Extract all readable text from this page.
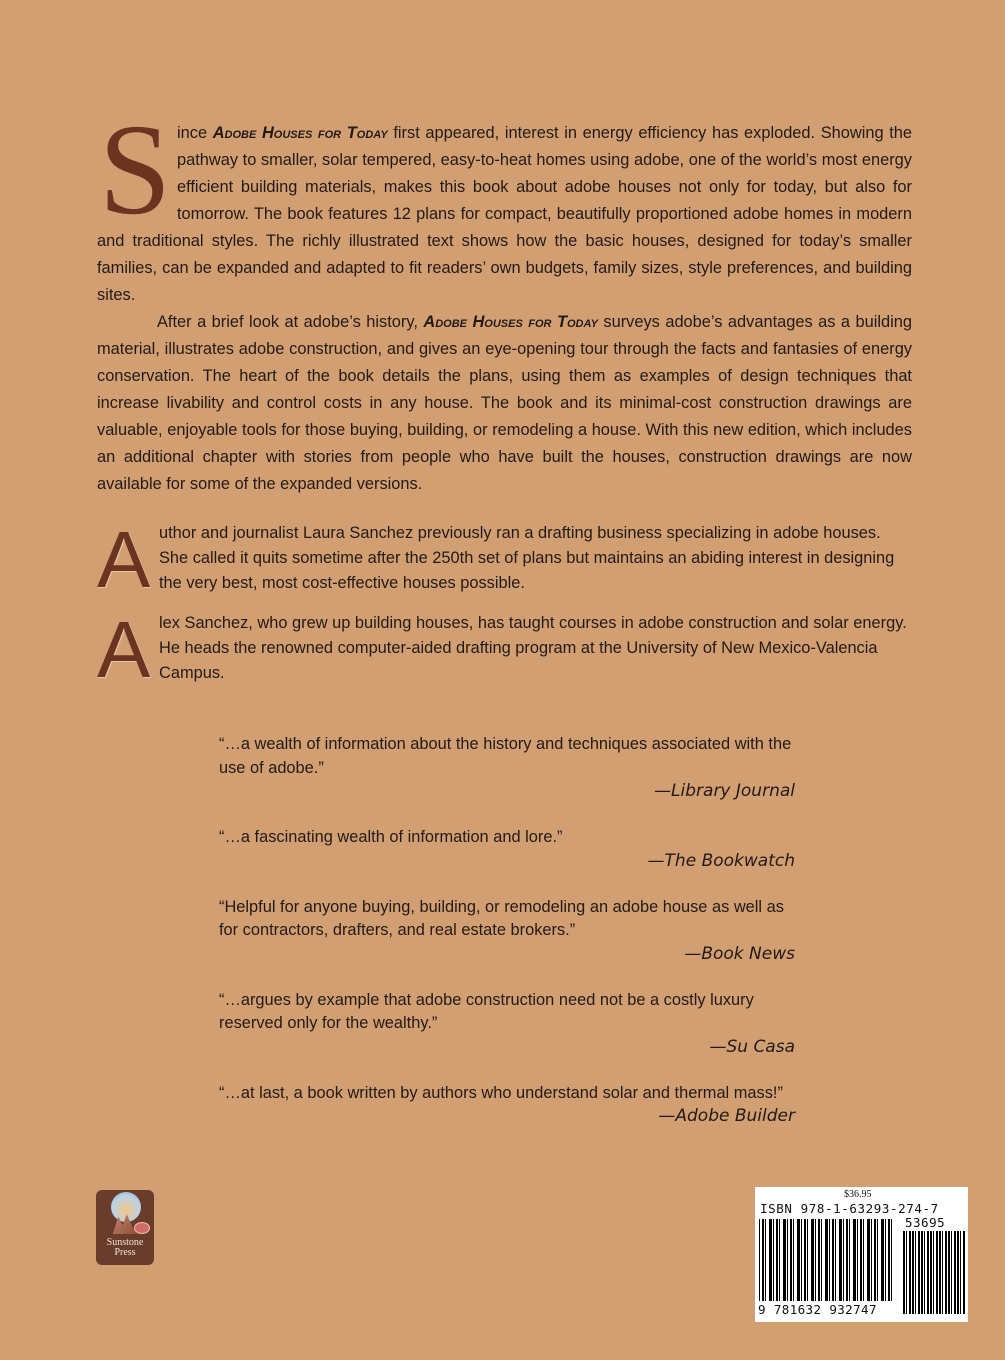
Since Adobe Houses for Today first appeared, interest in energy efficiency has exploded. Showing the pathway to smaller, solar tempered, easy-to-heat homes using adobe, one of the world’s most energy efficient building materials, makes this book about adobe houses not only for today, but also for tomorrow. The book features 12 plans for compact, beautifully proportioned adobe homes in modern and traditional styles. The richly illustrated text shows how the basic houses, designed for today’s smaller families, can be expanded and adapted to fit readers’ own budgets, family sizes, style preferences, and building sites.

After a brief look at adobe’s history, Adobe Houses for Today surveys adobe’s advantages as a building material, illustrates adobe construction, and gives an eye-opening tour through the facts and fantasies of energy conservation. The heart of the book details the plans, using them as examples of design techniques that increase livability and control costs in any house. The book and its minimal-cost construction drawings are valuable, enjoyable tools for those buying, building, or remodeling a house. With this new edition, which includes an additional chapter with stories from people who have built the houses, construction drawings are now available for some of the expanded versions.

Author and journalist Laura Sanchez previously ran a drafting business specializing in adobe houses. She called it quits sometime after the 250th set of plans but maintains an abiding interest in designing the very best, most cost-effective houses possible.

Alex Sanchez, who grew up building houses, has taught courses in adobe construction and solar energy. He heads the renowned computer-aided drafting program at the University of New Mexico-Valencia Campus.

“…a wealth of information about the history and techniques associated with the use of adobe.”

—Library Journal

“…a fascinating wealth of information and lore.”

—The Bookwatch

“Helpful for anyone buying, building, or remodeling an adobe house as well as for contractors, drafters, and real estate brokers.”

—Book News

“…argues by example that adobe construction need not be a costly luxury reserved only for the wealthy.”

—Su Casa

“…at last, a book written by authors who understand solar and thermal mass!”

—Adobe Builder
Sunstone
Press
$36.95
ISBN 978-1-63293-274-7
53695
9 781632 932747
